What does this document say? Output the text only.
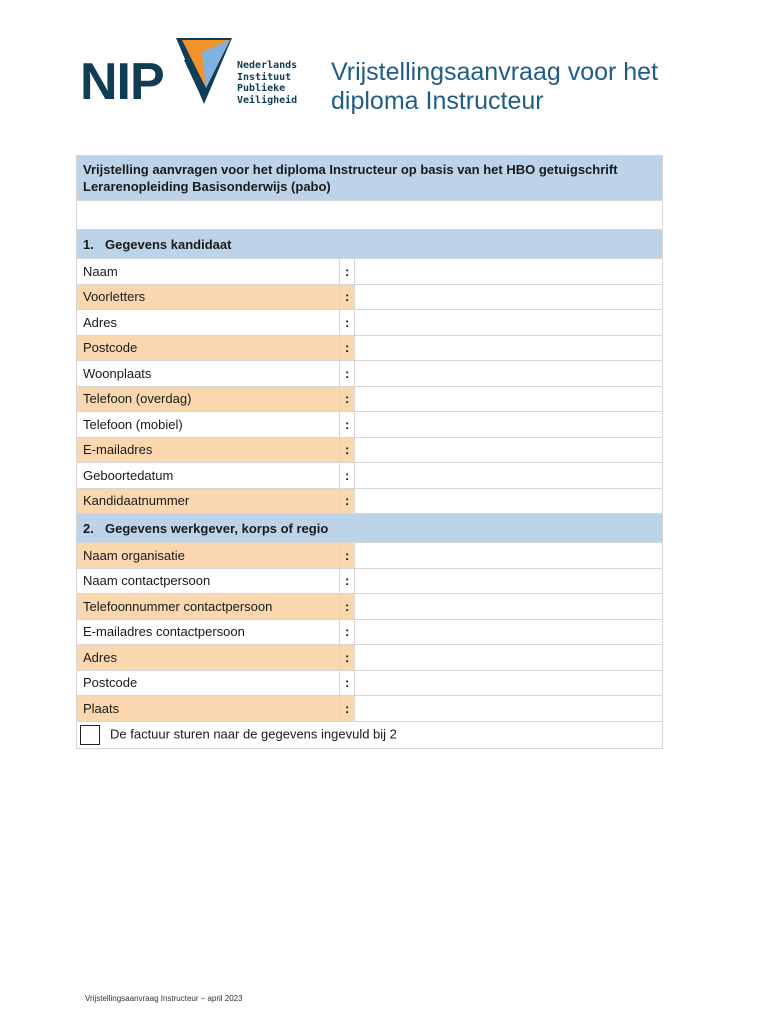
NIP	Nederlands
Instituut
Publieke
Veiligheid
Vrijstellingsaanvraag voor het
diploma Instructeur
Vrijstelling aanvragen voor het diploma Instructeur op basis van het HBO getuigschrift
Lerarenopleiding Basisonderwijs (pabo)		

1. Gegevens kandidaat		
Naam	:	
Voorletters	:	
Adres	:	
Postcode	:	
Woonplaats	:	
Telefoon (overdag)	:	
Telefoon (mobiel)	:	
E-mailadres	:	
Geboortedatum	:	
Kandidaatnummer	:	
2. Gegevens werkgever, korps of regio		
Naam organisatie	:	
Naam contactpersoon	:	
Telefoonnummer contactpersoon	:	
E-mailadres contactpersoon	:	
Adres	:	
Postcode	:	
Plaats	:	
De factuur sturen naar de gegevens ingevuld bij 2		
Vrijstellingsaanvraag Instructeur – april 2023
